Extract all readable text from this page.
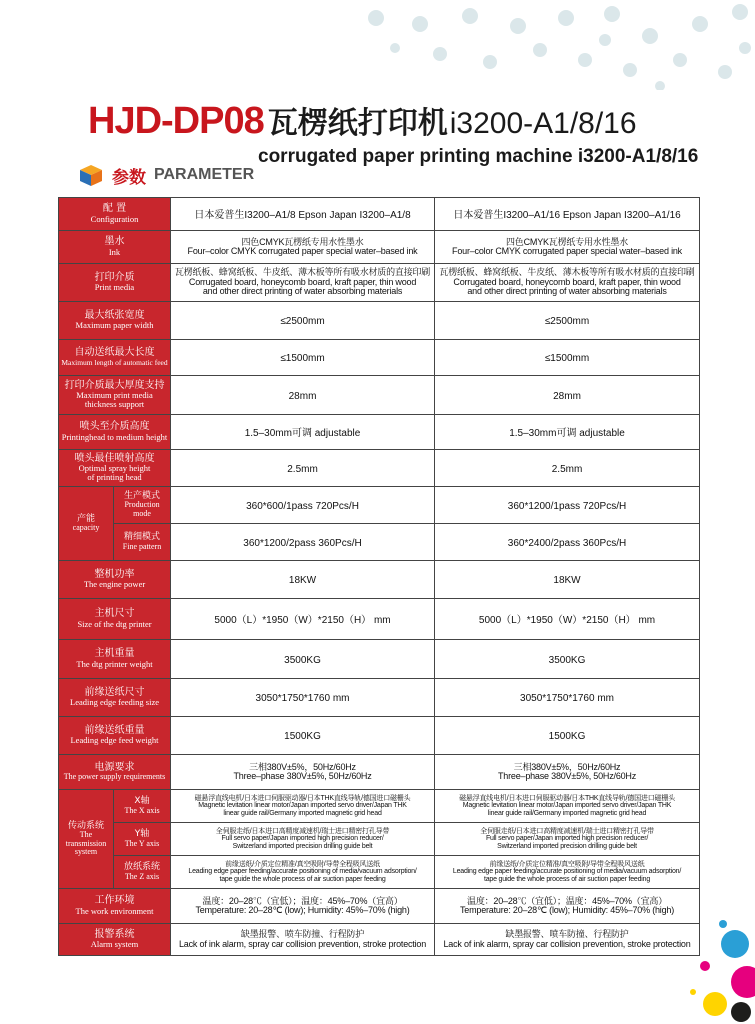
HJD-DP08 瓦楞纸打印机i3200-A1/8/16
corrugated paper printing machine i3200-A1/8/16
参数 PARAMETER
配 置
Configuration		日本爱普生I3200–A1/8 Epson Japan I3200–A1/8	日本爱普生I3200–A1/16 Epson Japan I3200–A1/16

墨水
Ink		四色CMYK瓦楞纸专用水性墨水
Four–color CMYK corrugated paper special water–based ink	四色CMYK瓦楞纸专用水性墨水
Four–color CMYK corrugated paper special water–based ink

打印介质
Print media		瓦楞纸板、蜂窝纸板、牛皮纸、薄木板等所有吸水材质的直接印刷
Corrugated board, honeycomb board, kraft paper, thin wood
and other direct printing of water absorbing materials	瓦楞纸板、蜂窝纸板、牛皮纸、薄木板等所有吸水材质的直接印刷
Corrugated board, honeycomb board, kraft paper, thin wood
and other direct printing of water absorbing materials

最大纸张宽度
Maximum paper width		≤2500mm	≤2500mm

自动送纸最大长度
Maximum length of automatic feed		≤1500mm	≤1500mm

打印介质最大厚度支持
Maximum print media
thickness support		28mm	28mm

喷头至介质高度
Printinghead to medium height		1.5–30mm可调 adjustable	1.5–30mm可调 adjustable

喷头最佳喷射高度
Optimal spray height
of printing head		2.5mm	2.5mm

产能
capacity	生产模式
Production mode	360*600/1pass 720Pcs/H	360*1200/1pass 720Pcs/H

	精细模式
Fine pattern	360*1200/2pass 360Pcs/H	360*2400/2pass 360Pcs/H

整机功率
The engine power		18KW	18KW

主机尺寸
Size of the dtg printer		5000（L）*1950（W）*2150（H） mm	5000（L）*1950（W）*2150（H） mm

主机重量
The dtg printer weight		3500KG	3500KG

前缘送纸尺寸
Leading edge feeding size		3050*1750*1760 mm	3050*1750*1760 mm

前缘送纸重量
Leading edge feed weight		1500KG	1500KG

电源要求
The power supply requirements		三相380V±5%，50Hz/60Hz
Three–phase 380V±5%, 50Hz/60Hz	三相380V±5%，50Hz/60Hz
Three–phase 380V±5%, 50Hz/60Hz

传动系统
The
transmission
system	X轴
The X axis	磁悬浮直线电机/日本进口伺服驱动器/日本THK直线导轨/德国进口磁栅头
Magnetic levitation linear motor/Japan imported servo driver/Japan THK
linear guide rail/Germany imported magnetic grid head	磁悬浮直线电机/日本进口伺服驱动器/日本THK直线导轨/德国进口磁栅头
Magnetic levitation linear motor/Japan imported servo driver/Japan THK
linear guide rail/Germany imported magnetic grid head

	Y轴
The Y axis	全伺服走纸/日本进口高精度减速机/瑞士进口精密打孔导带
Full servo paper/Japan imported high precision reducer/
Switzerland imported precision drilling guide belt	全伺服走纸/日本进口高精度减速机/瑞士进口精密打孔导带
Full servo paper/Japan imported high precision reducer/
Switzerland imported precision drilling guide belt

	放纸系统
The Z axis	前缘送纸/介质定位精准/真空吸附/导带全程吸风送纸
Leading edge paper feeding/accurate positioning of media/vacuum adsorption/
tape guide the whole process of air suction paper feeding	前缘送纸/介质定位精准/真空吸附/导带全程吸风送纸
Leading edge paper feeding/accurate positioning of media/vacuum adsorption/
tape guide the whole process of air suction paper feeding

工作环境
The work environment		温度：20–28℃（宜低）；温度：45%–70%（宜高）
Temperature: 20–28℃ (low); Humidity: 45%–70% (high)	温度：20–28℃（宜低）；温度：45%–70%（宜高）
Temperature: 20–28℃ (low); Humidity: 45%–70% (high)

报警系统
Alarm system		缺墨报警、喷车防撞、行程防护
Lack of ink alarm, spray car collision prevention, stroke protection	缺墨报警、喷车防撞、行程防护
Lack of ink alarm, spray car collision prevention, stroke protection
